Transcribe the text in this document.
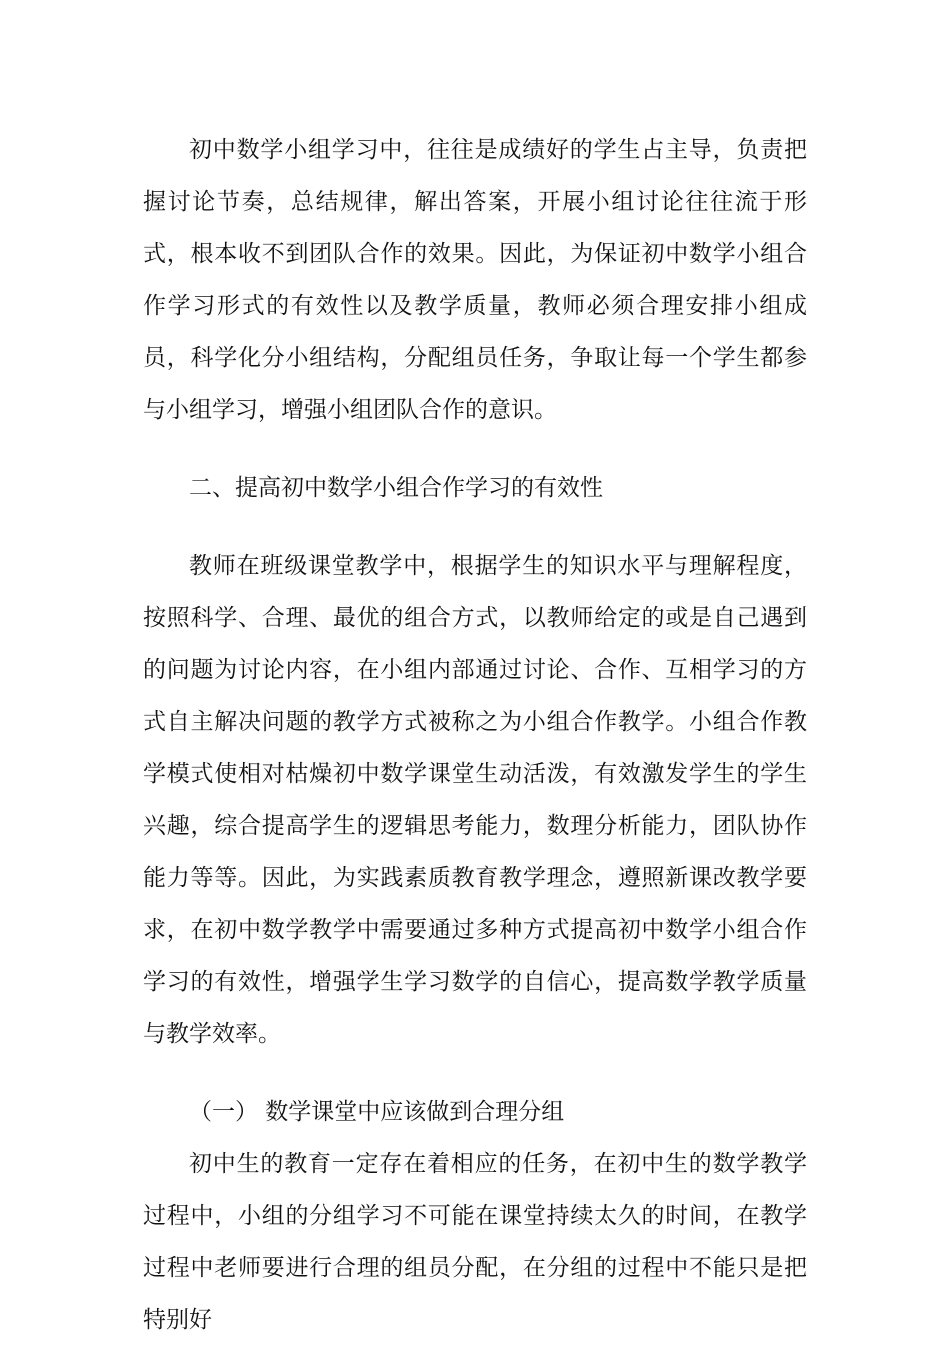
初中数学小组学习中，往往是成绩好的学生占主导，负责把握讨论节奏，总结规律，解出答案，开展小组讨论往往流于形式，根本收不到团队合作的效果。因此，为保证初中数学小组合作学习形式的有效性以及教学质量，教师必须合理安排小组成员，科学化分小组结构，分配组员任务，争取让每一个学生都参与小组学习，增强小组团队合作的意识。

二、提高初中数学小组合作学习的有效性

教师在班级课堂教学中，根据学生的知识水平与理解程度，按照科学、合理、最优的组合方式，以教师给定的或是自己遇到的问题为讨论内容，在小组内部通过讨论、合作、互相学习的方式自主解决问题的教学方式被称之为小组合作教学。小组合作教学模式使相对枯燥初中数学课堂生动活泼，有效激发学生的学生兴趣，综合提高学生的逻辑思考能力，数理分析能力，团队协作能力等等。因此，为实践素质教育教学理念，遵照新课改教学要求，在初中数学教学中需要通过多种方式提高初中数学小组合作学习的有效性，增强学生学习数学的自信心，提高数学教学质量与教学效率。

（一） 数学课堂中应该做到合理分组

初中生的教育一定存在着相应的任务，在初中生的数学教学过程中，小组的分组学习不可能在课堂持续太久的时间，在教学过程中老师要进行合理的组员分配，在分组的过程中不能只是把特别好
